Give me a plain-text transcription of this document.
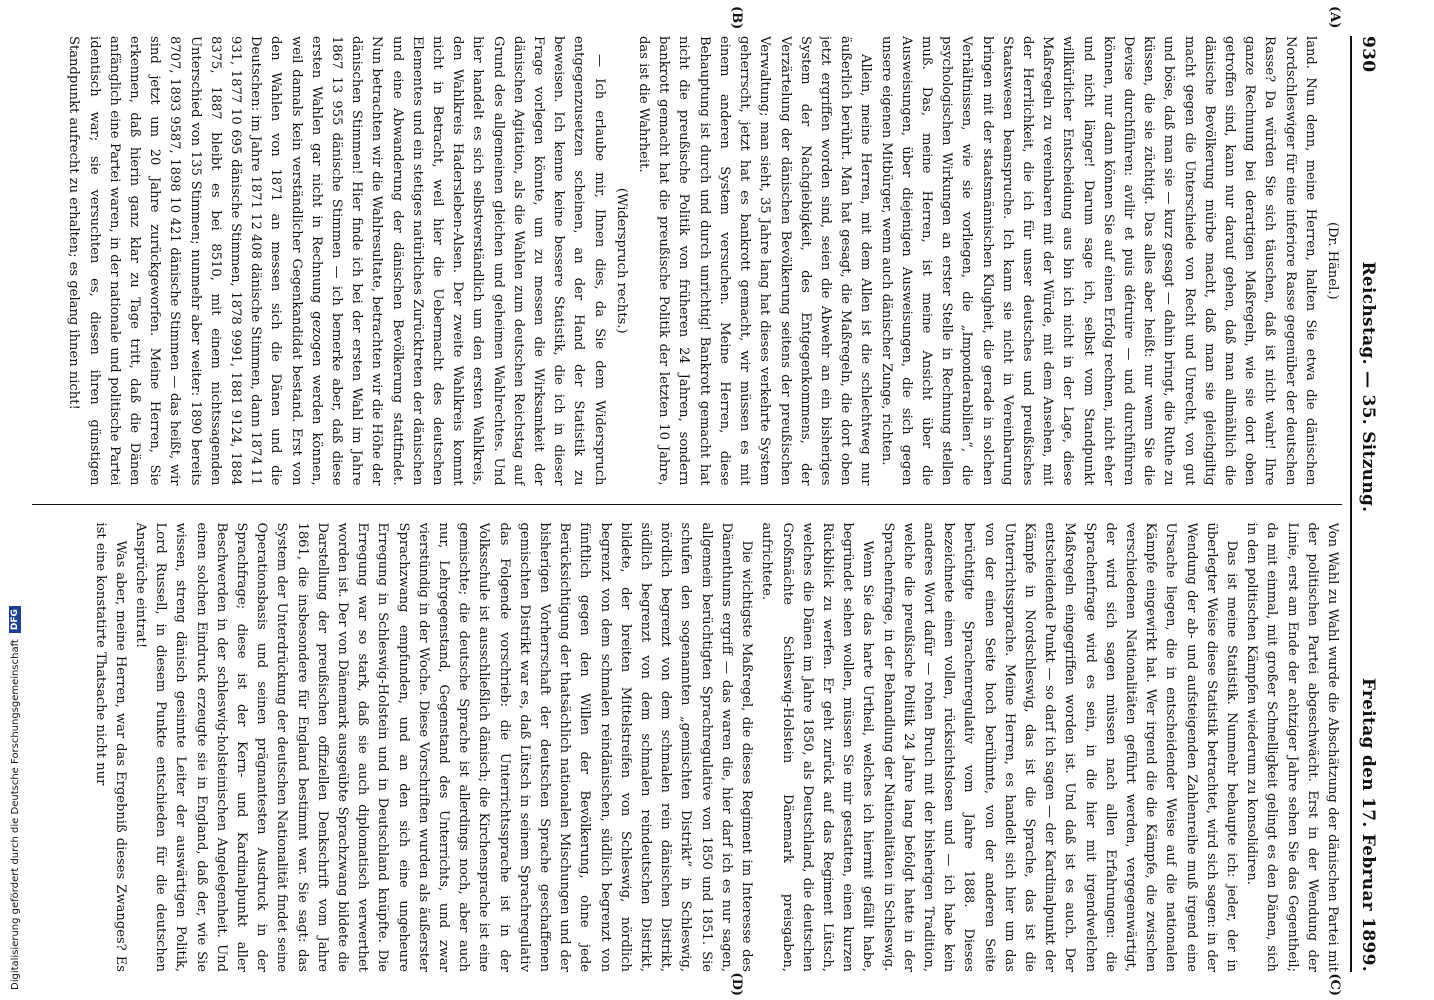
930
Reichstag. — 35. Sitzung.
Freitag den 17. Februar 1899.
(A)
(B)
(C)
(D)
(Dr. Hänel.)

land. Nun denn, meine Herren, halten Sie etwa die dänischen Nordschleswiger für eine inferiore Rasse gegenüber der deutschen Rasse? Da würden Sie sich täuschen, daß ist nicht wahr! Ihre ganze Rechnung bei derartigen Maßregeln, wie sie dort oben getroffen sind, kann nur darauf gehen, daß man allmählich die dänische Bevölkerung mürbe macht, daß man sie gleichgiltig macht gegen die Unterschiede von Recht und Unrecht, von gut und böse, daß man sie — kurz gesagt — dahin bringt, die Ruthe zu küssen, die sie züchtigt. Das alles aber heißt: nur wenn Sie die Devise durchführen: avilir et puis détruire — und durchführen können, nur dann können Sie auf einen Erfolg rechnen, nicht eher und nicht länger! Darum sage ich, selbst vom Standpunkt willkürlicher Entscheidung aus bin ich nicht in der Lage, diese Maßregeln zu vereinbaren mit der Würde, mit dem Ansehen, mit der Herrlichkeit, die ich für unser deutsches und preußisches Staatswesen beanspruche. Ich kann sie nicht in Vereinbarung bringen mit der staatsmännischen Klugheit, die gerade in solchen Verhältnissen, wie sie vorliegen, die „Imponderabilien“, die psychologischen Wirkungen an erster Stelle in Rechnung stellen muß. Das, meine Herren, ist meine Ansicht über die Ausweisungen, über diejenigen Ausweisungen, die sich gegen unsere eigenen Mitbürger, wenn auch dänischer Zunge, richten.

Allein, meine Herren, mit dem Allen ist die schlechtweg nur äußerlich berührt. Man hat gesagt, die Maßregeln, die dort oben jetzt ergriffen worden sind, seien die Abwehr an ein bisheriges System der Nachgiebigkeit, des Entgegenkommens, der Verzärtelung der dänischen Bevölkerung seitens der preußischen Verwaltung; man sieht, 35 Jahre lang hat dieses verkehrte System geherrscht, jetzt hat es bankrott gemacht, wir müssen es mit einem anderen System versuchen. Meine Herren, diese Behauptung ist durch und durch unrichtig! Bankrott gemacht hat nicht die preußische Politik von früheren 24 Jahren, sondern bankrott gemacht hat die preußische Politik der letzten 10 Jahre, das ist die Wahrheit.

(Widerspruch rechts.)

— Ich erlaube mir, Ihnen dies, da Sie dem Widerspruch entgegenzusetzen scheinen, an der Hand der Statistik zu beweisen. Ich kenne keine bessere Statistik, die ich in dieser Frage vorlegen könnte, um zu messen die Wirksamkeit der dänischen Agitation, als die Wahlen zum deutschen Reichstag auf Grund des allgemeinen gleichen und geheimen Wahlrechtes. Und hier handelt es sich selbstverständlich um den ersten Wahlkreis, den Wahlkreis Hadersleben-Alsen. Der zweite Wahlkreis kommt nicht in Betracht, weil hier die Uebermacht des deutschen Elementes und ein stetiges natürliches Zurücktreten der dänischen und eine Abwanderung der dänischen Bevölkerung stattfindet. Nun betrachten wir die Wahlresultate, betrachten wir die Höhe der dänischen Stimmen! Hier finde ich bei der ersten Wahl im Jahre 1867 13 955 dänische Stimmen — ich bemerke aber, daß diese ersten Wahlen gar nicht in Rechnung gezogen werden können, weil damals kein verständlicher Gegenkandidat bestand. Erst von den Wahlen von 1871 an messen sich die Dänen und die Deutschen: im Jahre 1871 12 408 dänische Stimmen, dann 1874 11 931, 1877 10 695 dänische Stimmen, 1878 9991, 1881 9124, 1884 8375, 1887 bleibt es bei 8510, mit einem nichtssagenden Unterschied von 135 Stimmen; nunmehr aber weiter: 1890 bereits 8707, 1893 9587, 1898 10 421 dänische Stimmen — das heißt, wir sind jetzt um 20 Jahre zurückgeworfen. Meine Herren, Sie erkennen, daß hierin ganz klar zu Tage tritt, daß die Dänen anfänglich eine Partei waren, in der nationale und politische Partei identisch war; sie versuchten es, diesen ihren günstigen Standpunkt aufrecht zu erhalten; es gelang ihnen nicht!

Von Wahl zu Wahl wurde die Abschätzung der dänischen Partei mit der politischen Partei abgeschwächt. Erst in der Wendung der Linie, erst am Ende der achtziger Jahre sehen Sie das Gegentheil; da mit einmal, mit großer Schnelligkeit gelingt es den Dänen, sich in den politischen Kämpfen wiederum zu konsolidiren.

Das ist meine Statistik. Nunmehr behaupte ich: jeder, der in überlegter Weise diese Statistik betrachtet, wird sich sagen: in der Wendung der ab- und aufsteigenden Zahlenreihe muß irgend eine Ursache liegen, die in entscheidender Weise auf die nationalen Kämpfe eingewirkt hat. Wer irgend die die Kämpfe, die zwischen verschiedenen Nationalitäten geführt werden, vergegenwärtigt, der wird sich sagen müssen nach allen Erfahrungen: die Sprachenfrage wird es sein, in die hier mit irgendwelchen Maßregeln eingegriffen worden ist. Und daß ist es auch. Der entscheidende Punkt — so darf ich sagen — der Kardinalpunkt der Kämpfe in Nordschleswig, das ist die Sprache, das ist die Unterrichtssprache. Meine Herren, es handelt sich hier um das von der einen Seite hoch berühmte, von der anderen Seite berüchtigte Sprachenregulativ vom Jahre 1888. Dieses bezeichnete einen vollen, rücksichtslosen und — ich habe kein anderes Wort dafür — rohen Bruch mit der bisherigen Tradition, welche die preußische Politik 24 Jahre lang befolgt hatte in der Sprachenfrage, in der Behandlung der Nationalitäten in Schleswig.

Wenn Sie das harte Urtheil, welches ich hiermit gefällt habe, begründet sehen wollen, müssen Sie mir gestatten, einen kurzen Rückblick zu werfen. Er geht zurück auf das Regiment Lütsch, welches die Dänen im Jahre 1850, als Deutschland, die deutschen Großmächte Schleswig-Holstein Dänemark preisgaben, aufrichtete.

Die wichtigste Maßregel, die dieses Regiment im Interesse des Dänenthums ergriff — das waren die, hier darf ich es nur sagen, allgemein berüchtigten Sprachregulative von 1850 und 1851. Sie schufen den sogenannten „gemischten Distrikt“ in Schleswig, nördlich begrenzt von dem schmalen rein dänischen Distrikt, südlich begrenzt von dem schmalen reindeutschen Distrikt, bildete, der breiten Mittelstreifen von Schleswig, nördlich begrenzt von dem schmalen reindänischen, südlich begrenzt von fünftlich gegen den Willen der Bevölkerung, ohne jede Berücksichtigung der thatsächlich nationalen Mischungen und der bisherigen Vorherrschaft der deutschen Sprache geschaffenen gemischten Distrikt war es, daß Lütsch in seinem Sprachregulativ das Folgende vorschrieb: die Unterrichtssprache ist in der Volksschule ist ausschließlich dänisch; die Kirchensprache ist eine gemischte; die deutsche Sprache ist allerdings noch, aber auch nur, Lehrgegenstand, Gegenstand des Unterrichts, und zwar vierstündig in der Woche. Diese Vorschriften wurden als äußerster Sprachzwang empfunden, und an den sich eine ungeheure Erregung in Schleswig-Holstein und in Deutschland knüpfte. Die Erregung war so stark, daß sie auch diplomatisch verwerthet worden ist. Der von Dänemark ausgeübte Sprachzwang bildete die Darstellung der preußischen offiziellen Denkschrift vom Jahre 1861, die insbesondere für England bestimmt war. Sie sagt: das System der Unterdrückung der deutschen Nationalität findet seine Operationsbasis und seinen prägnantesten Ausdruck in der Sprachfrage; diese ist der Kern- und Kardinalpunkt aller Beschwerden in der schleswig-holsteinischen Angelegenheit. Und einen solchen Eindruck erzeugte sie in England, daß der, wie Sie wissen, streng dänisch gesinnte Leiter der auswärtigen Politik, Lord Russell, in diesem Punkte entschieden für die deutschen Ansprüche eintrat!

Was aber, meine Herren, war das Ergebniß dieses Zwanges? Es ist eine konstatirte Thatsache nicht nur

Digitalisierung gefördert durch die Deutsche Forschungsgemeinschaft
DFG
